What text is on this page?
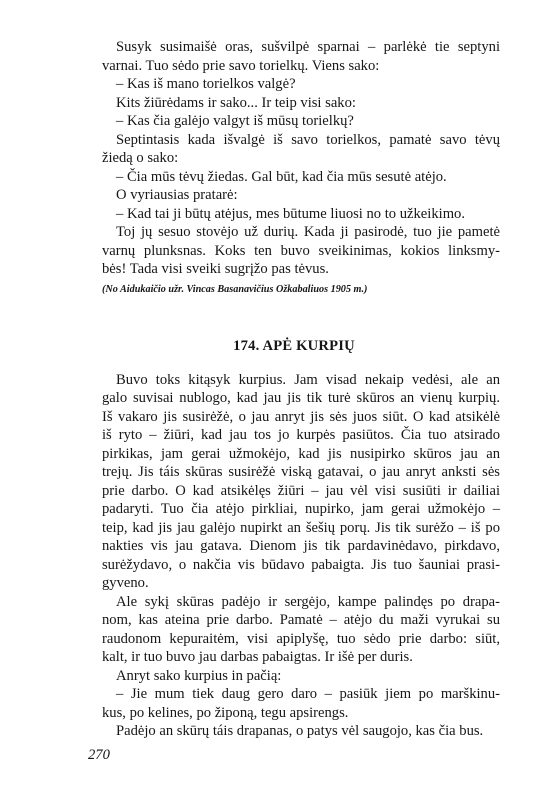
Susyk susimaišė oras, sušvilpė sparnai – parlėkė tie septyni
varnai. Tuo sėdo prie savo torielkų. Viens sako:

– Kas iš mano torielkos valgė?

Kits žiūrėdams ir sako... Ir teip visi sako:

– Kas čia galėjo valgyt iš mūsų torielkų?

Septintasis kada išvalgė iš savo torielkos, pamatė savo tėvų
žiedą o sako:

– Čia mūs tėvų žiedas. Gal būt, kad čia mūs sesutė atėjo.

O vyriausias pratarė:

– Kad tai ji būtų atėjus, mes būtume liuosi no to užkeikimo.

Toj jų sesuo stovėjo už durių. Kada ji pasirodė, tuo jie pametė
varnų plunksnas. Koks ten buvo sveikinimas, kokios linksmy-
bės! Tada visi sveiki sugrįžo pas tėvus.

(No Aidukaičio užr. Vincas Basanavičius Ožkabaliuos 1905 m.)

174. APĖ KURPIŲ

Buvo toks kitąsyk kurpius. Jam visad nekaip vedėsi, ale an
galo suvisai nublogo, kad jau jis tik turė skūros an vienų kurpių.
Iš vakaro jis susirėžė, o jau anryt jis sės juos siūt. O kad atsikėlė
iš ryto – žiūri, kad jau tos jo kurpės pasiūtos. Čia tuo atsirado
pirkikas, jam gerai užmokėjo, kad jis nusipirko skūros jau an
trejų. Jis táis skūras susirėžė viską gatavai, o jau anryt anksti sės
prie darbo. O kad atsikėlęs žiūri – jau vėl visi susiūti ir dailiai
padaryti. Tuo čia atėjo pirkliai, nupirko, jam gerai užmokėjo –
teip, kad jis jau galėjo nupirkt an šešių porų. Jis tik surėžo – iš po
nakties vis jau gatava. Dienom jis tik pardavinėdavo, pirkdavo,
surėžydavo, o nakčia vis būdavo pabaigta. Jis tuo šauniai prasi-
gyveno.

Ale sykį skūras padėjo ir sergėjo, kampe palindęs po drapa-
nom, kas ateina prie darbo. Pamatė – atėjo du maži vyrukai su
raudonom kepuraitėm, visi apiplyšę, tuo sėdo prie darbo: siūt,
kalt, ir tuo buvo jau darbas pabaigtas. Ir išė per duris.

Anryt sako kurpius in pačią:

– Jie mum tiek daug gero daro – pasiūk jiem po marškinu-
kus, po kelines, po žiponą, tegu apsirengs.

Padėjo an skūrų táis drapanas, o patys vėl saugojo, kas čia bus.

270
